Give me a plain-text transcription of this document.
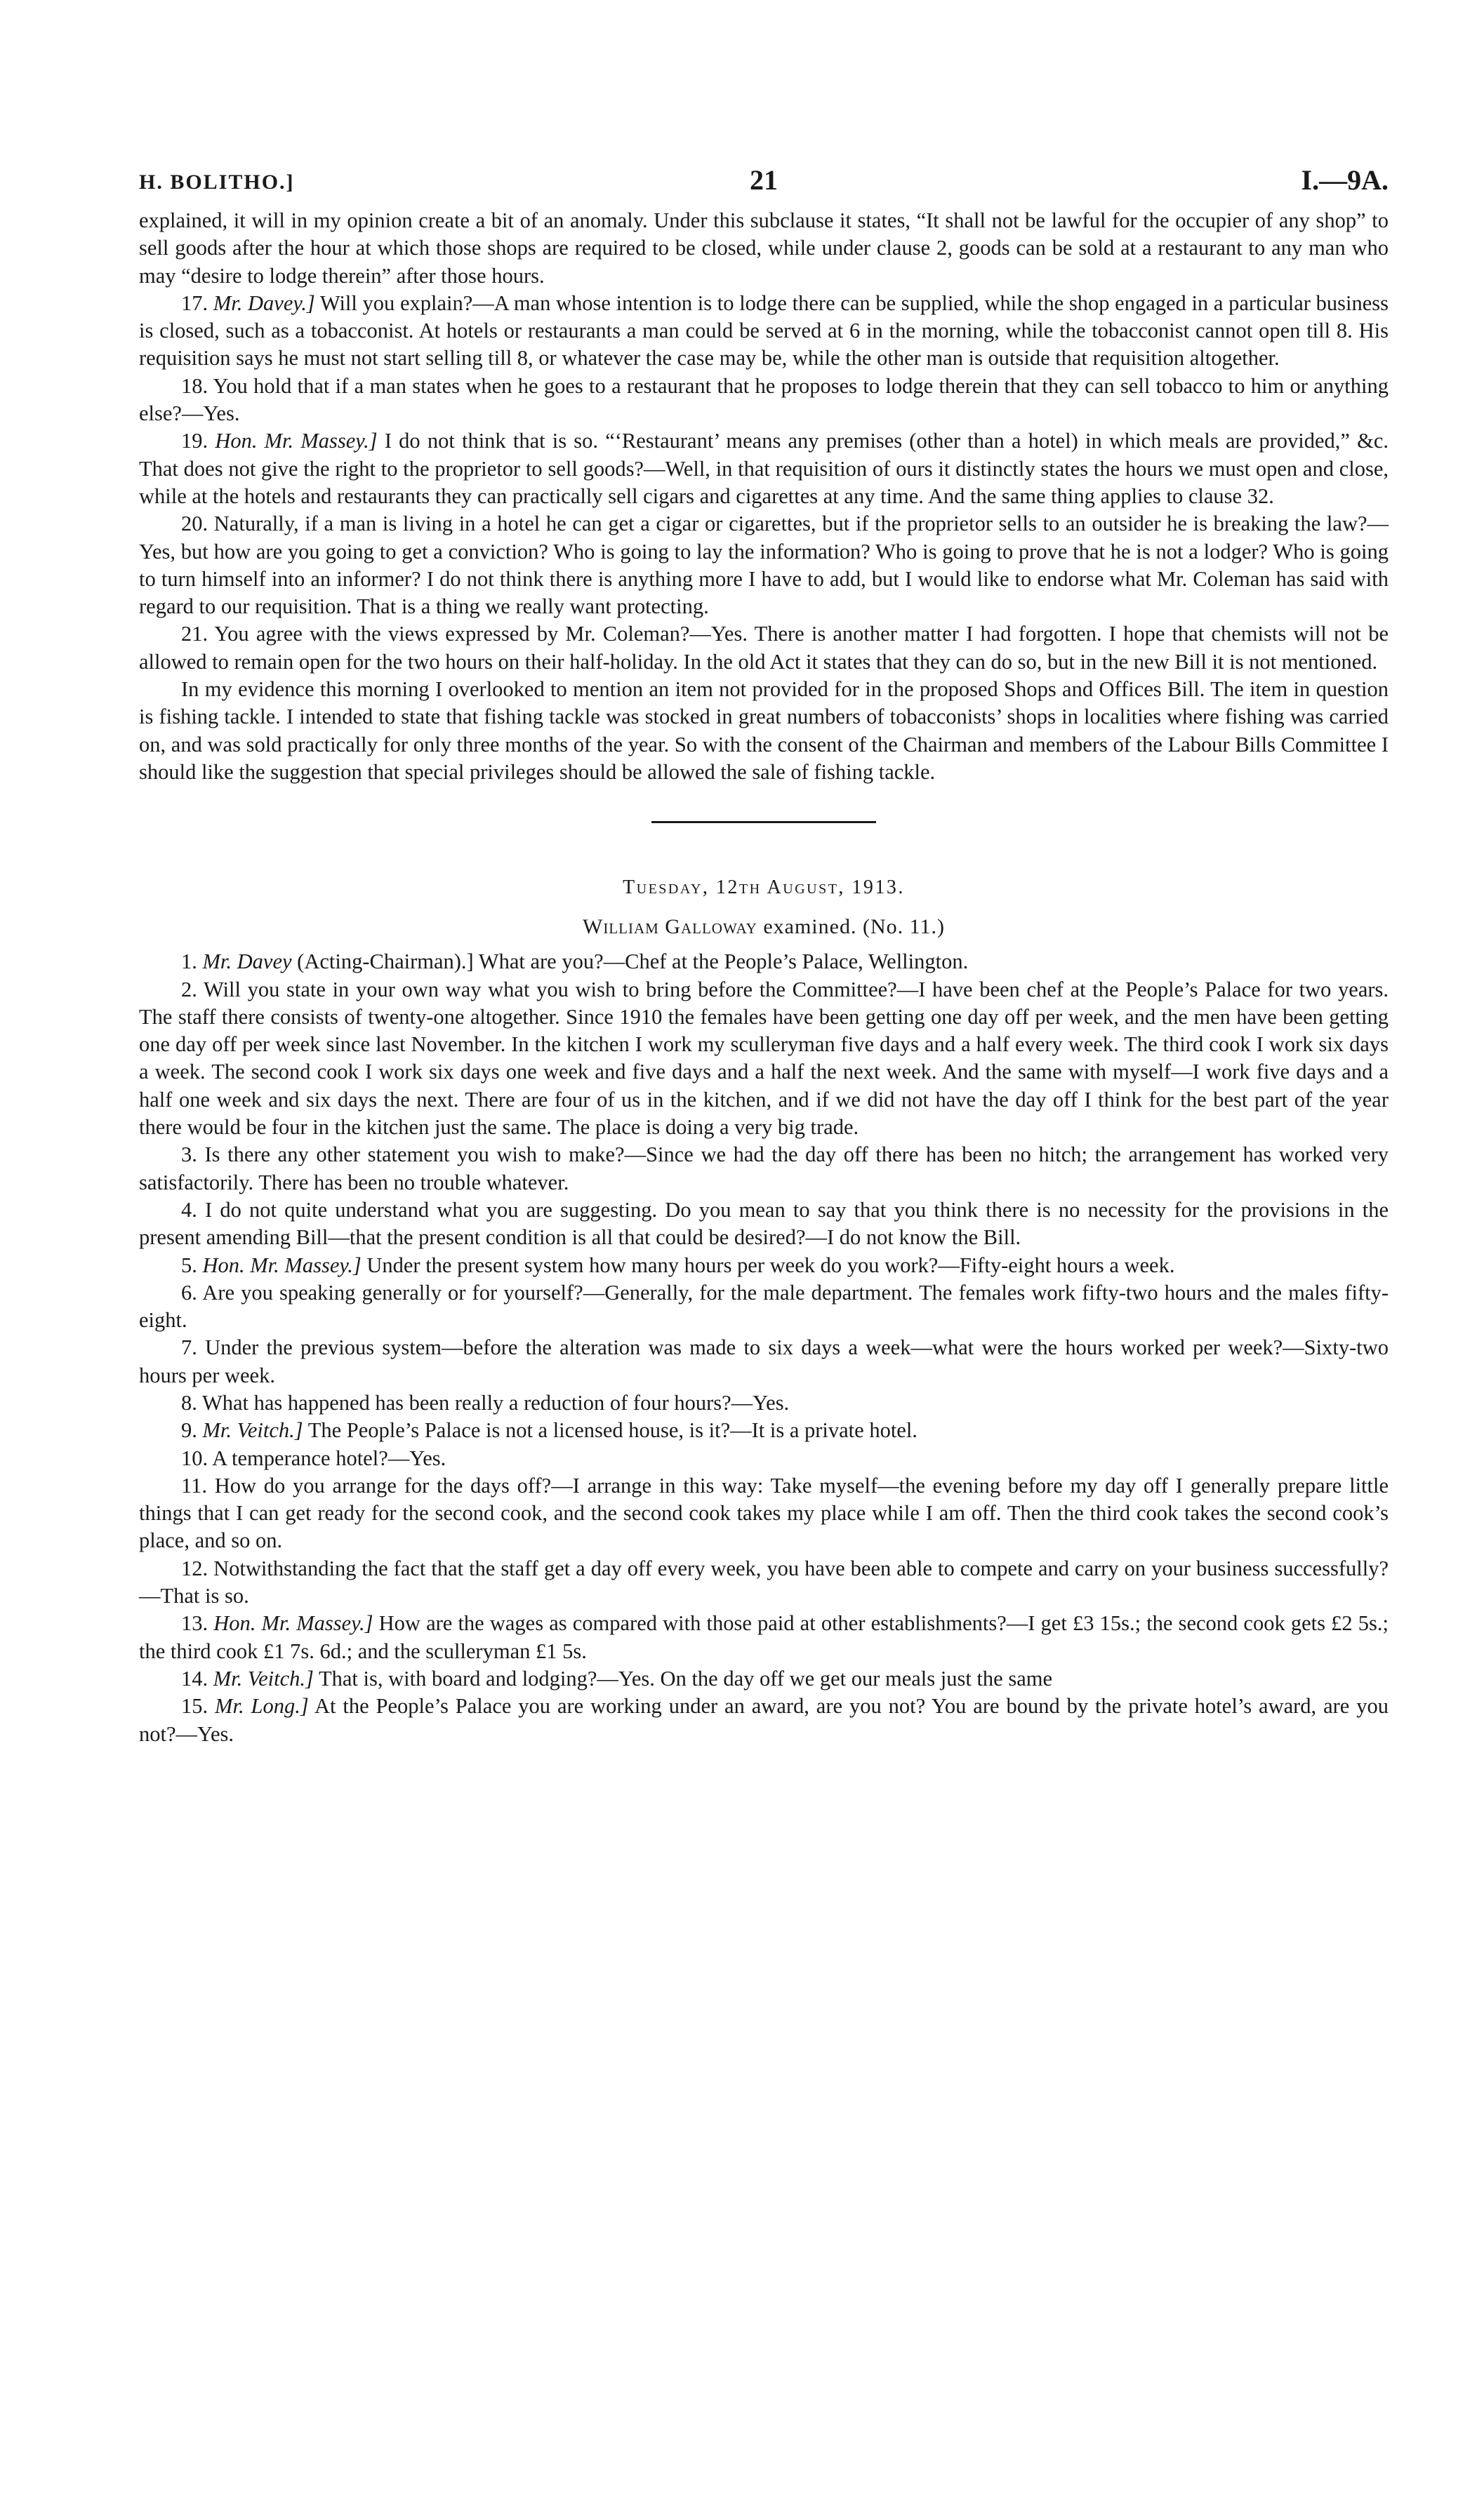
H. BOLITHO.]	21	I.—9A.

explained, it will in my opinion create a bit of an anomaly. Under this subclause it states, “It shall not be lawful for the occupier of any shop” to sell goods after the hour at which those shops are required to be closed, while under clause 2, goods can be sold at a restaurant to any man who may “desire to lodge therein” after those hours.

17. Mr. Davey.] Will you explain?—A man whose intention is to lodge there can be supplied, while the shop engaged in a particular business is closed, such as a tobacconist. At hotels or restaurants a man could be served at 6 in the morning, while the tobacconist cannot open till 8. His requisition says he must not start selling till 8, or whatever the case may be, while the other man is outside that requisition altogether.

18. You hold that if a man states when he goes to a restaurant that he proposes to lodge therein that they can sell tobacco to him or anything else?—Yes.

19. Hon. Mr. Massey.] I do not think that is so. “‘Restaurant’ means any premises (other than a hotel) in which meals are provided,” &c. That does not give the right to the proprietor to sell goods?—Well, in that requisition of ours it distinctly states the hours we must open and close, while at the hotels and restaurants they can practically sell cigars and cigarettes at any time. And the same thing applies to clause 32.

20. Naturally, if a man is living in a hotel he can get a cigar or cigarettes, but if the proprietor sells to an outsider he is breaking the law?—Yes, but how are you going to get a conviction? Who is going to lay the information? Who is going to prove that he is not a lodger? Who is going to turn himself into an informer? I do not think there is anything more I have to add, but I would like to endorse what Mr. Coleman has said with regard to our requisition. That is a thing we really want protecting.

21. You agree with the views expressed by Mr. Coleman?—Yes. There is another matter I had forgotten. I hope that chemists will not be allowed to remain open for the two hours on their half-holiday. In the old Act it states that they can do so, but in the new Bill it is not mentioned.

In my evidence this morning I overlooked to mention an item not provided for in the proposed Shops and Offices Bill. The item in question is fishing tackle. I intended to state that fishing tackle was stocked in great numbers of tobacconists’ shops in localities where fishing was carried on, and was sold practically for only three months of the year. So with the consent of the Chairman and members of the Labour Bills Committee I should like the suggestion that special privileges should be allowed the sale of fishing tackle.

Tuesday, 12th August, 1913.
William Galloway examined. (No. 11.)

1. Mr. Davey (Acting-Chairman).] What are you?—Chef at the People’s Palace, Wellington.

2. Will you state in your own way what you wish to bring before the Committee?—I have been chef at the People’s Palace for two years. The staff there consists of twenty-one altogether. Since 1910 the females have been getting one day off per week, and the men have been getting one day off per week since last November. In the kitchen I work my sculleryman five days and a half every week. The third cook I work six days a week. The second cook I work six days one week and five days and a half the next week. And the same with myself—I work five days and a half one week and six days the next. There are four of us in the kitchen, and if we did not have the day off I think for the best part of the year there would be four in the kitchen just the same. The place is doing a very big trade.

3. Is there any other statement you wish to make?—Since we had the day off there has been no hitch; the arrangement has worked very satisfactorily. There has been no trouble whatever.

4. I do not quite understand what you are suggesting. Do you mean to say that you think there is no necessity for the provisions in the present amending Bill—that the present condition is all that could be desired?—I do not know the Bill.

5. Hon. Mr. Massey.] Under the present system how many hours per week do you work?—Fifty-eight hours a week.

6. Are you speaking generally or for yourself?—Generally, for the male department. The females work fifty-two hours and the males fifty-eight.

7. Under the previous system—before the alteration was made to six days a week—what were the hours worked per week?—Sixty-two hours per week.

8. What has happened has been really a reduction of four hours?—Yes.

9. Mr. Veitch.] The People’s Palace is not a licensed house, is it?—It is a private hotel.

10. A temperance hotel?—Yes.

11. How do you arrange for the days off?—I arrange in this way: Take myself—the evening before my day off I generally prepare little things that I can get ready for the second cook, and the second cook takes my place while I am off. Then the third cook takes the second cook’s place, and so on.

12. Notwithstanding the fact that the staff get a day off every week, you have been able to compete and carry on your business successfully?—That is so.

13. Hon. Mr. Massey.] How are the wages as compared with those paid at other establishments?—I get £3 15s.; the second cook gets £2 5s.; the third cook £1 7s. 6d.; and the sculleryman £1 5s.

14. Mr. Veitch.] That is, with board and lodging?—Yes. On the day off we get our meals just the same

15. Mr. Long.] At the People’s Palace you are working under an award, are you not? You are bound by the private hotel’s award, are you not?—Yes.
